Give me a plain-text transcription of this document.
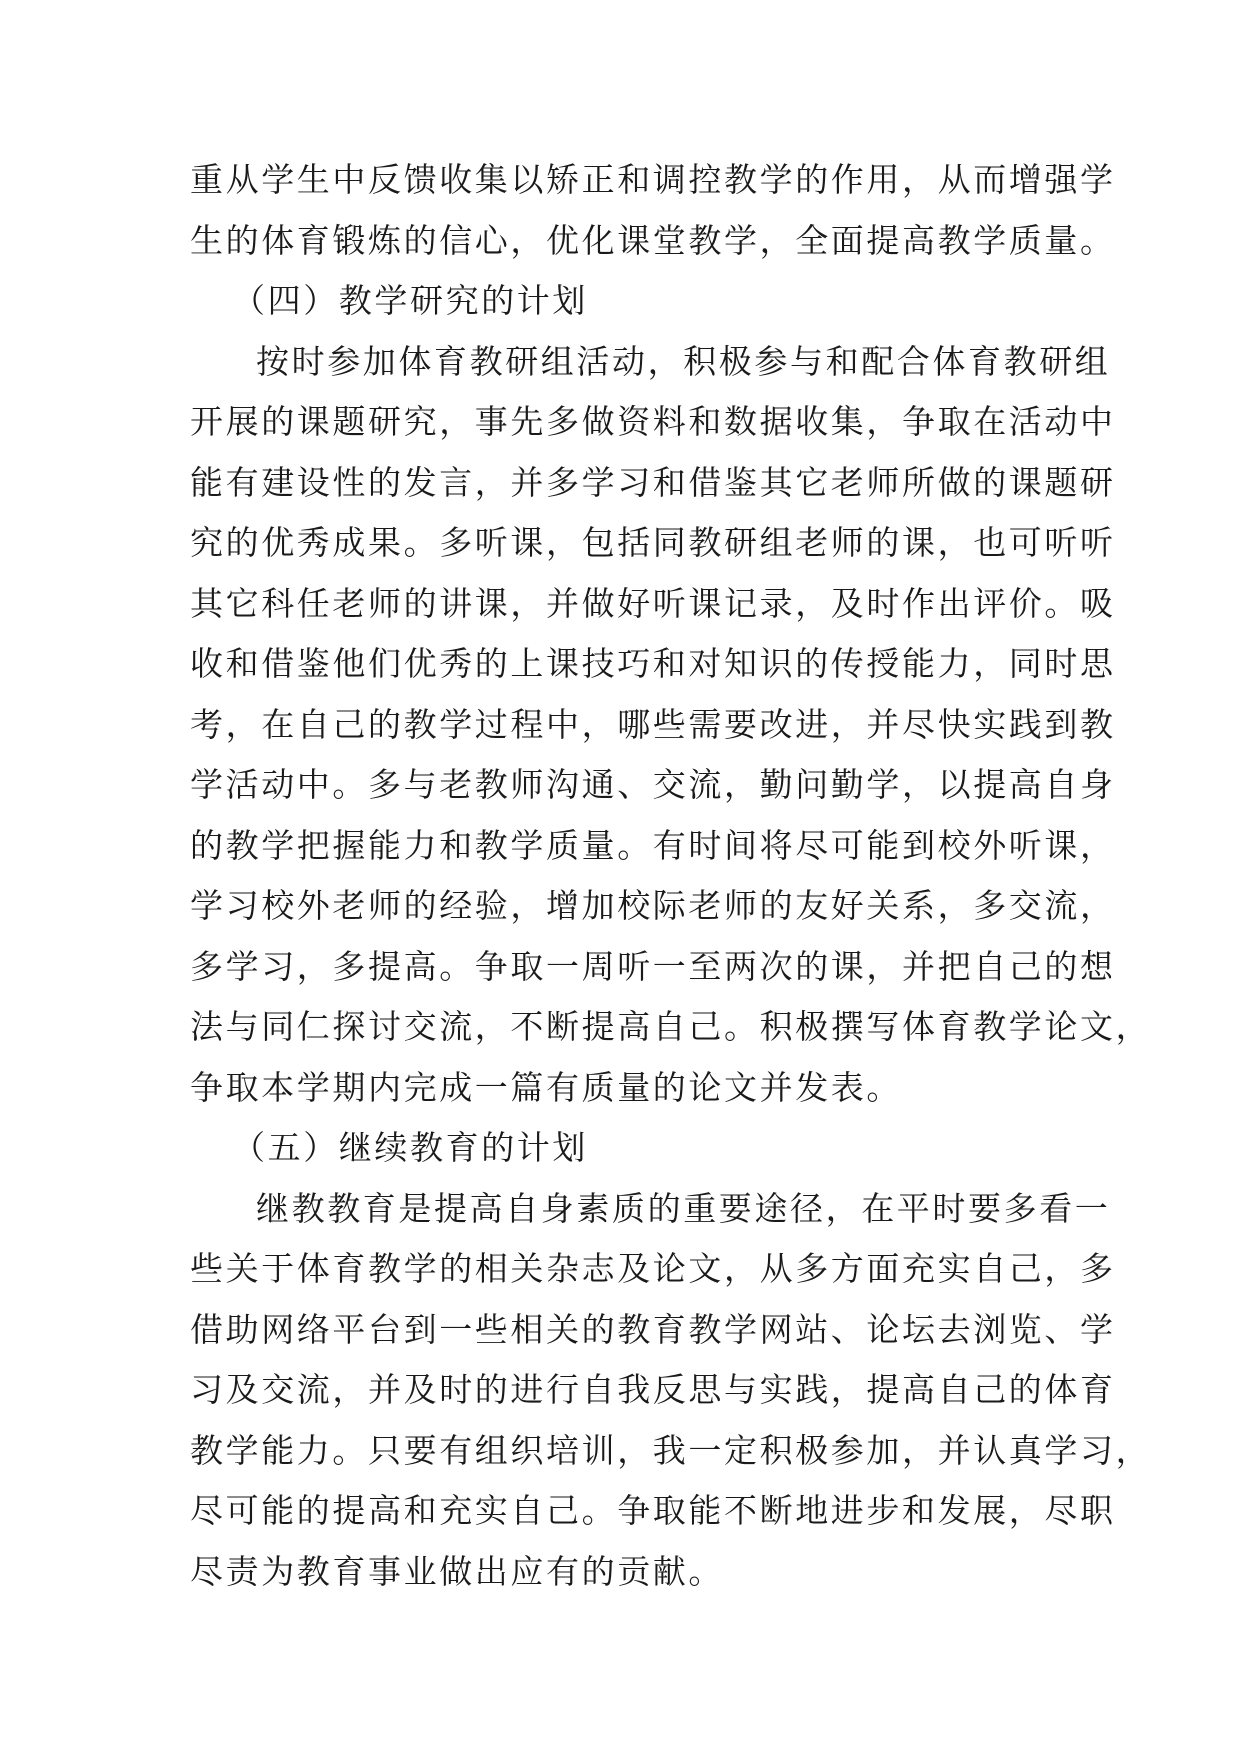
重从学生中反馈收集以矫正和调控教学的作用，从而增强学
生的体育锻炼的信心，优化课堂教学，全面提高教学质量。
（四）教学研究的计划
按时参加体育教研组活动，积极参与和配合体育教研组
开展的课题研究，事先多做资料和数据收集，争取在活动中
能有建设性的发言，并多学习和借鉴其它老师所做的课题研
究的优秀成果。多听课，包括同教研组老师的课，也可听听
其它科任老师的讲课，并做好听课记录，及时作出评价。吸
收和借鉴他们优秀的上课技巧和对知识的传授能力，同时思
考，在自己的教学过程中，哪些需要改进，并尽快实践到教
学活动中。多与老教师沟通、交流，勤问勤学，以提高自身
的教学把握能力和教学质量。有时间将尽可能到校外听课，
学习校外老师的经验，增加校际老师的友好关系，多交流，
多学习，多提高。争取一周听一至两次的课，并把自己的想
法与同仁探讨交流，不断提高自己。积极撰写体育教学论文，
争取本学期内完成一篇有质量的论文并发表。
（五）继续教育的计划
继教教育是提高自身素质的重要途径，在平时要多看一
些关于体育教学的相关杂志及论文，从多方面充实自己，多
借助网络平台到一些相关的教育教学网站、论坛去浏览、学
习及交流，并及时的进行自我反思与实践，提高自己的体育
教学能力。只要有组织培训，我一定积极参加，并认真学习，
尽可能的提高和充实自己。争取能不断地进步和发展，尽职
尽责为教育事业做出应有的贡献。
